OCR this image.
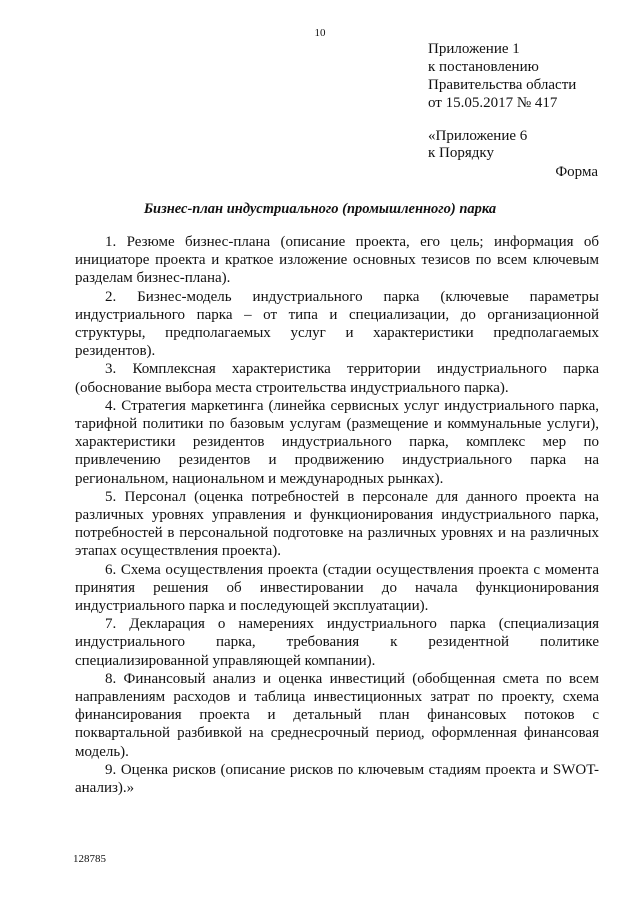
10
Приложение 1
к постановлению
Правительства области
от 15.05.2017 № 417
«Приложение 6
к Порядку
Форма
Бизнес-план индустриального (промышленного) парка

1. Резюме бизнес-плана (описание проекта, его цель; информация об инициаторе проекта и краткое изложение основных тезисов по всем ключевым разделам бизнес-плана).

2. Бизнес-модель индустриального парка (ключевые параметры индустриального парка – от типа и специализации, до организационной структуры, предполагаемых услуг и характеристики предполагаемых резидентов).

3. Комплексная характеристика территории индустриального парка (обоснование выбора места строительства индустриального парка).

4. Стратегия маркетинга (линейка сервисных услуг индустриального парка, тарифной политики по базовым услугам (размещение и коммунальные услуги), характеристики резидентов индустриального парка, комплекс мер по привлечению резидентов и продвижению индустриального парка на региональном, национальном и международных рынках).

5. Персонал (оценка потребностей в персонале для данного проекта на различных уровнях управления и функционирования индустриального парка, потребностей в персональной подготовке на различных уровнях и на различных этапах осуществления проекта).

6. Схема осуществления проекта (стадии осуществления проекта с момента принятия решения об инвестировании до начала функционирования индустриального парка и последующей эксплуатации).

7. Декларация о намерениях индустриального парка (специализация индустриального парка, требования к резидентной политике специализированной управляющей компании).

8. Финансовый анализ и оценка инвестиций (обобщенная смета по всем направлениям расходов и таблица инвестиционных затрат по проекту, схема финансирования проекта и детальный план финансовых потоков с поквартальной разбивкой на среднесрочный период, оформленная финансовая модель).

9. Оценка рисков (описание рисков по ключевым стадиям проекта и SWOT-анализ).»

128785
